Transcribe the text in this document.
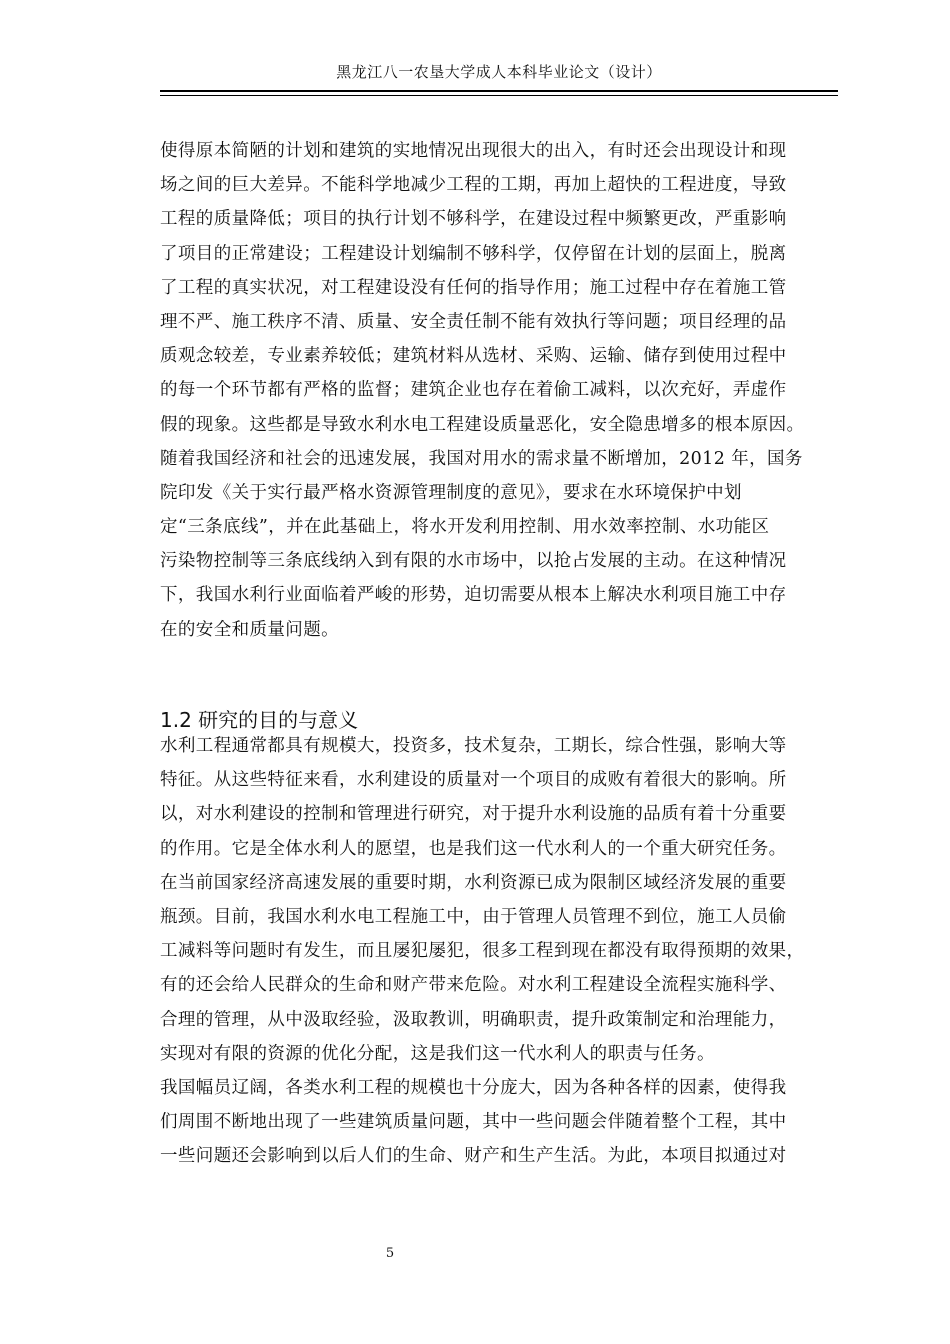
黑龙江八一农垦大学成人本科毕业论文（设计）
使得原本简陋的计划和建筑的实地情况出现很大的出入，有时还会出现设计和现
场之间的巨大差异。不能科学地减少工程的工期，再加上超快的工程进度，导致
工程的质量降低；项目的执行计划不够科学，在建设过程中频繁更改，严重影响
了项目的正常建设；工程建设计划编制不够科学，仅停留在计划的层面上，脱离
了工程的真实状况，对工程建设没有任何的指导作用；施工过程中存在着施工管
理不严、施工秩序不清、质量、安全责任制不能有效执行等问题；项目经理的品
质观念较差，专业素养较低；建筑材料从选材、采购、运输、储存到使用过程中
的每一个环节都有严格的监督；建筑企业也存在着偷工减料，以次充好，弄虚作
假的现象。这些都是导致水利水电工程建设质量恶化，安全隐患增多的根本原因。
随着我国经济和社会的迅速发展，我国对用水的需求量不断增加，2012 年，国务
院印发《关于实行最严格水资源管理制度的意见》，要求在水环境保护中划
定“三条底线”，并在此基础上，将水开发利用控制、用水效率控制、水功能区
污染物控制等三条底线纳入到有限的水市场中，以抢占发展的主动。在这种情况
下，我国水利行业面临着严峻的形势，迫切需要从根本上解决水利项目施工中存
在的安全和质量问题。
1.2 研究的目的与意义
水利工程通常都具有规模大，投资多，技术复杂，工期长，综合性强，影响大等
特征。从这些特征来看，水利建设的质量对一个项目的成败有着很大的影响。所
以，对水利建设的控制和管理进行研究，对于提升水利设施的品质有着十分重要
的作用。它是全体水利人的愿望，也是我们这一代水利人的一个重大研究任务。
在当前国家经济高速发展的重要时期，水利资源已成为限制区域经济发展的重要
瓶颈。目前，我国水利水电工程施工中，由于管理人员管理不到位，施工人员偷
工减料等问题时有发生，而且屡犯屡犯，很多工程到现在都没有取得预期的效果，
有的还会给人民群众的生命和财产带来危险。对水利工程建设全流程实施科学、
合理的管理，从中汲取经验，汲取教训，明确职责，提升政策制定和治理能力，
实现对有限的资源的优化分配，这是我们这一代水利人的职责与任务。
我国幅员辽阔，各类水利工程的规模也十分庞大，因为各种各样的因素，使得我
们周围不断地出现了一些建筑质量问题，其中一些问题会伴随着整个工程，其中
一些问题还会影响到以后人们的生命、财产和生产生活。为此，本项目拟通过对
5
